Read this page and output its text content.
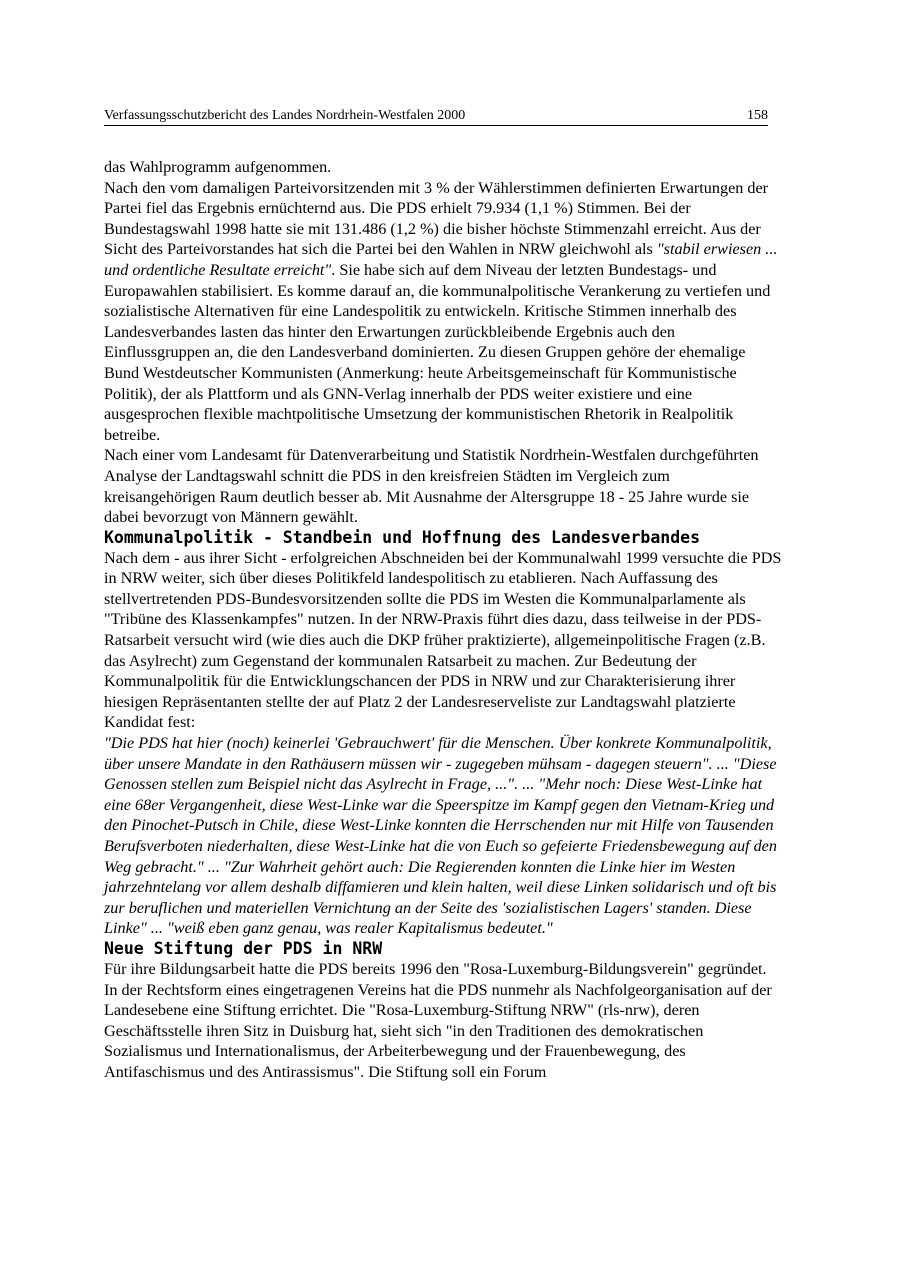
Verfassungsschutzbericht des Landes Nordrhein-Westfalen 2000	158

das Wahlprogramm aufgenommen.

Nach den vom damaligen Parteivorsitzenden mit 3 % der Wählerstimmen definierten Erwartungen der Partei fiel das Ergebnis ernüchternd aus. Die PDS erhielt 79.934 (1,1 %) Stimmen. Bei der Bundestagswahl 1998 hatte sie mit 131.486 (1,2 %) die bisher höchste Stimmenzahl erreicht. Aus der Sicht des Parteivorstandes hat sich die Partei bei den Wahlen in NRW gleichwohl als "stabil erwiesen ... und ordentliche Resultate erreicht". Sie habe sich auf dem Niveau der letzten Bundestags- und Europawahlen stabilisiert. Es komme darauf an, die kommunalpolitische Verankerung zu vertiefen und sozialistische Alternativen für eine Landespolitik zu entwickeln. Kritische Stimmen innerhalb des Landesverbandes lasten das hinter den Erwartungen zurückbleibende Ergebnis auch den Einflussgruppen an, die den Landesverband dominierten. Zu diesen Gruppen gehöre der ehemalige Bund Westdeutscher Kommunisten (Anmerkung: heute Arbeitsgemeinschaft für Kommunistische Politik), der als Plattform und als GNN-Verlag innerhalb der PDS weiter existiere und eine ausgesprochen flexible machtpolitische Umsetzung der kommunistischen Rhetorik in Realpolitik betreibe.

Nach einer vom Landesamt für Datenverarbeitung und Statistik Nordrhein-Westfalen durchgeführten Analyse der Landtagswahl schnitt die PDS in den kreisfreien Städten im Vergleich zum kreisangehörigen Raum deutlich besser ab. Mit Ausnahme der Altersgruppe 18 - 25 Jahre wurde sie dabei bevorzugt von Männern gewählt.

Kommunalpolitik - Standbein und Hoffnung des Landesverbandes

Nach dem - aus ihrer Sicht - erfolgreichen Abschneiden bei der Kommunalwahl 1999 versuchte die PDS in NRW weiter, sich über dieses Politikfeld landespolitisch zu etablieren. Nach Auffassung des stellvertretenden PDS-Bundesvorsitzenden sollte die PDS im Westen die Kommunalparlamente als "Tribüne des Klassenkampfes" nutzen. In der NRW-Praxis führt dies dazu, dass teilweise in der PDS-Ratsarbeit versucht wird (wie dies auch die DKP früher praktizierte), allgemeinpolitische Fragen (z.B. das Asylrecht) zum Gegenstand der kommunalen Ratsarbeit zu machen. Zur Bedeutung der Kommunalpolitik für die Entwicklungschancen der PDS in NRW und zur Charakterisierung ihrer hiesigen Repräsentanten stellte der auf Platz 2 der Landesreserveliste zur Landtagswahl platzierte Kandidat fest:

"Die PDS hat hier (noch) keinerlei 'Gebrauchwert' für die Menschen. Über konkrete Kommunalpolitik, über unsere Mandate in den Rathäusern müssen wir - zugegeben mühsam - dagegen steuern". ... "Diese Genossen stellen zum Beispiel nicht das Asylrecht in Frage, ...". ... "Mehr noch: Diese West-Linke hat eine 68er Vergangenheit, diese West-Linke war die Speerspitze im Kampf gegen den Vietnam-Krieg und den Pinochet-Putsch in Chile, diese West-Linke konnten die Herrschenden nur mit Hilfe von Tausenden Berufsverboten niederhalten, diese West-Linke hat die von Euch so gefeierte Friedensbewegung auf den Weg gebracht." ... "Zur Wahrheit gehört auch: Die Regierenden konnten die Linke hier im Westen jahrzehntelang vor allem deshalb diffamieren und klein halten, weil diese Linken solidarisch und oft bis zur beruflichen und materiellen Vernichtung an der Seite des 'sozialistischen Lagers' standen. Diese Linke" ... "weiß eben ganz genau, was realer Kapitalismus bedeutet."

Neue Stiftung der PDS in NRW

Für ihre Bildungsarbeit hatte die PDS bereits 1996 den "Rosa-Luxemburg-Bildungsverein" gegründet. In der Rechtsform eines eingetragenen Vereins hat die PDS nunmehr als Nachfolgeorganisation auf der Landesebene eine Stiftung errichtet. Die "Rosa-Luxemburg-Stiftung NRW" (rls-nrw), deren Geschäftsstelle ihren Sitz in Duisburg hat, sieht sich "in den Traditionen des demokratischen Sozialismus und Internationalismus, der Arbeiterbewegung und der Frauenbewegung, des Antifaschismus und des Antirassismus". Die Stiftung soll ein Forum
